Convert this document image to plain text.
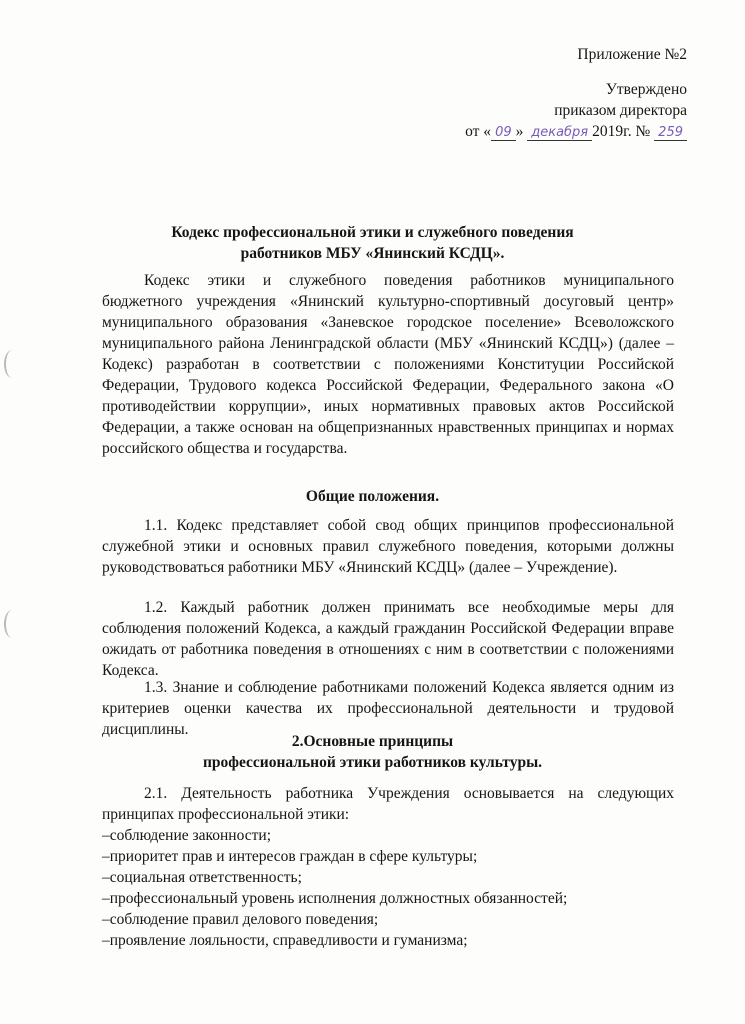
Приложение №2
Утверждено
приказом директора
от « 09 » декабря 2019г. № 259
Кодекс профессиональной этики и служебного поведения
работников МБУ «Янинский КСДЦ».
Кодекс этики и служебного поведения работников муниципального бюджетного учреждения «Янинский культурно-спортивный досуговый центр» муниципального образования «Заневское городское поселение» Всеволожского муниципального района Ленинградской области (МБУ «Янинский КСДЦ») (далее – Кодекс) разработан в соответствии с положениями Конституции Российской Федерации, Трудового кодекса Российской Федерации, Федерального закона «О противодействии коррупции», иных нормативных правовых актов Российской Федерации, а также основан на общепризнанных нравственных принципах и нормах российского общества и государства.
Общие положения.
1.1. Кодекс представляет собой свод общих принципов профессиональной служебной этики и основных правил служебного поведения, которыми должны руководствоваться работники МБУ «Янинский КСДЦ» (далее – Учреждение).
1.2. Каждый работник должен принимать все необходимые меры для соблюдения положений Кодекса, а каждый гражданин Российской Федерации вправе ожидать от работника поведения в отношениях с ним в соответствии с положениями Кодекса.
1.3. Знание и соблюдение работниками положений Кодекса является одним из критериев оценки качества их профессиональной деятельности и трудовой дисциплины.
2.Основные принципы
профессиональной этики работников культуры.
2.1. Деятельность работника Учреждения основывается на следующих принципах профессиональной этики:
–соблюдение законности;
–приоритет прав и интересов граждан в сфере культуры;
–социальная ответственность;
–профессиональный уровень исполнения должностных обязанностей;
–соблюдение правил делового поведения;
–проявление лояльности, справедливости и гуманизма;
